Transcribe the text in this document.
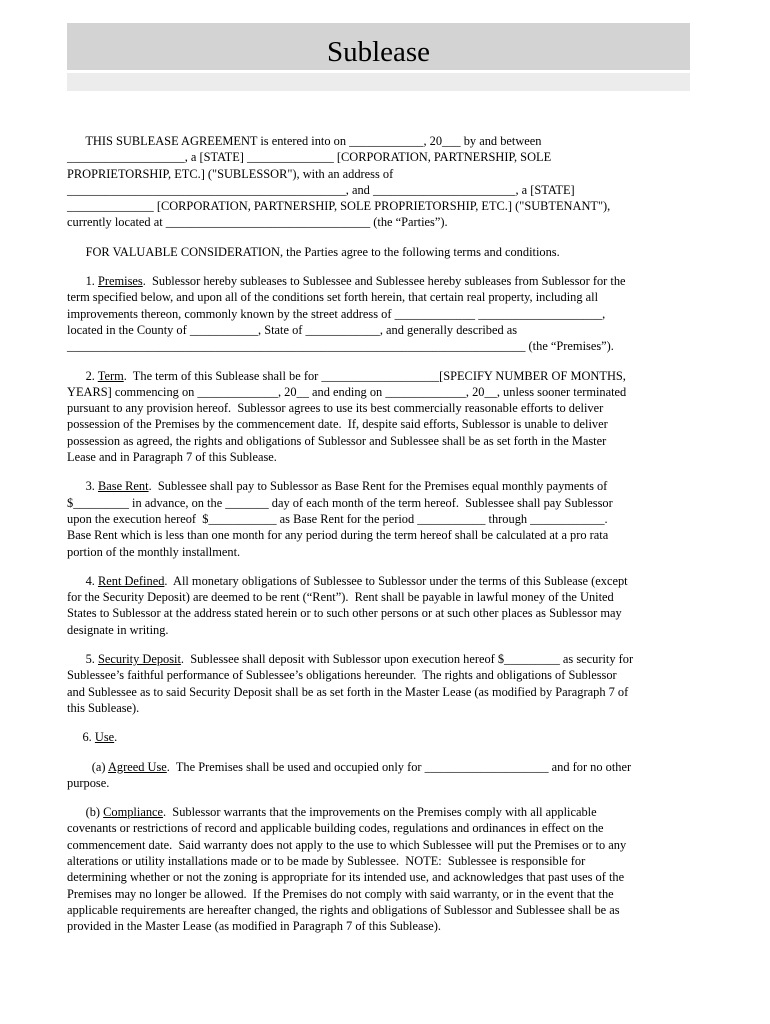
Sublease
THIS SUBLEASE AGREEMENT is entered into on ____________, 20___ by and between
___________________, a [STATE] ______________ [CORPORATION, PARTNERSHIP, SOLE
PROPRIETORSHIP, ETC.] ("SUBLESSOR"), with an address of
_____________________________________________, and _______________________, a [STATE]
______________ [CORPORATION, PARTNERSHIP, SOLE PROPRIETORSHIP, ETC.] ("SUBTENANT"),
currently located at _________________________________ (the “Parties”).
FOR VALUABLE CONSIDERATION, the Parties agree to the following terms and conditions.
1. Premises.  Sublessor hereby subleases to Sublessee and Sublessee hereby subleases from Sublessor for the
term specified below, and upon all of the conditions set forth herein, that certain real property, including all
improvements thereon, commonly known by the street address of _____________ ____________________,
located in the County of ___________, State of ____________, and generally described as
__________________________________________________________________________ (the “Premises”).
2. Term.  The term of this Sublease shall be for ___________________[SPECIFY NUMBER OF MONTHS,
YEARS] commencing on _____________, 20__ and ending on _____________, 20__, unless sooner terminated
pursuant to any provision hereof.  Sublessor agrees to use its best commercially reasonable efforts to deliver
possession of the Premises by the commencement date.  If, despite said efforts, Sublessor is unable to deliver
possession as agreed, the rights and obligations of Sublessor and Sublessee shall be as set forth in the Master
Lease and in Paragraph 7 of this Sublease.
3. Base Rent.  Sublessee shall pay to Sublessor as Base Rent for the Premises equal monthly payments of
$_________ in advance, on the _______ day of each month of the term hereof.  Sublessee shall pay Sublessor
upon the execution hereof  $___________ as Base Rent for the period ___________ through ____________.
Base Rent which is less than one month for any period during the term hereof shall be calculated at a pro rata
portion of the monthly installment.
4. Rent Defined.  All monetary obligations of Sublessee to Sublessor under the terms of this Sublease (except
for the Security Deposit) are deemed to be rent (“Rent”).  Rent shall be payable in lawful money of the United
States to Sublessor at the address stated herein or to such other persons or at such other places as Sublessor may
designate in writing.
5. Security Deposit.  Sublessee shall deposit with Sublessor upon execution hereof $_________ as security for
Sublessee’s faithful performance of Sublessee’s obligations hereunder.  The rights and obligations of Sublessor
and Sublessee as to said Security Deposit shall be as set forth in the Master Lease (as modified by Paragraph 7 of
this Sublease).
6. Use.
(a) Agreed Use.  The Premises shall be used and occupied only for ____________________ and for no other
purpose.
(b) Compliance.  Sublessor warrants that the improvements on the Premises comply with all applicable
covenants or restrictions of record and applicable building codes, regulations and ordinances in effect on the
commencement date.  Said warranty does not apply to the use to which Sublessee will put the Premises or to any
alterations or utility installations made or to be made by Sublessee.  NOTE:  Sublessee is responsible for
determining whether or not the zoning is appropriate for its intended use, and acknowledges that past uses of the
Premises may no longer be allowed.  If the Premises do not comply with said warranty, or in the event that the
applicable requirements are hereafter changed, the rights and obligations of Sublessor and Sublessee shall be as
provided in the Master Lease (as modified in Paragraph 7 of this Sublease).
